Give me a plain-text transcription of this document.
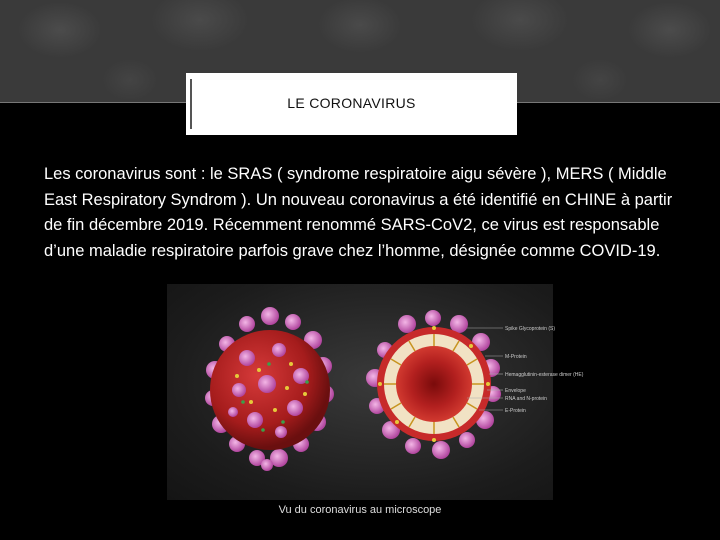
LE CORONAVIRUS

Les coronavirus sont : le SRAS ( syndrome respiratoire aigu sévère ), MERS ( Middle East Respiratory Syndrom ). Un nouveau coronavirus a été identifié en CHINE à partir de fin décembre 2019. Récemment renommé SARS-CoV2, ce virus est responsable d’une maladie respiratoire parfois grave chez l’homme, désignée comme COVID-19.

Spike Glycoprotein (S)
M-Protein
Hemagglutinin-esterase dimer (HE)
Envelope
RNA and N-protein
E-Protein
Vu du coronavirus au microscope
